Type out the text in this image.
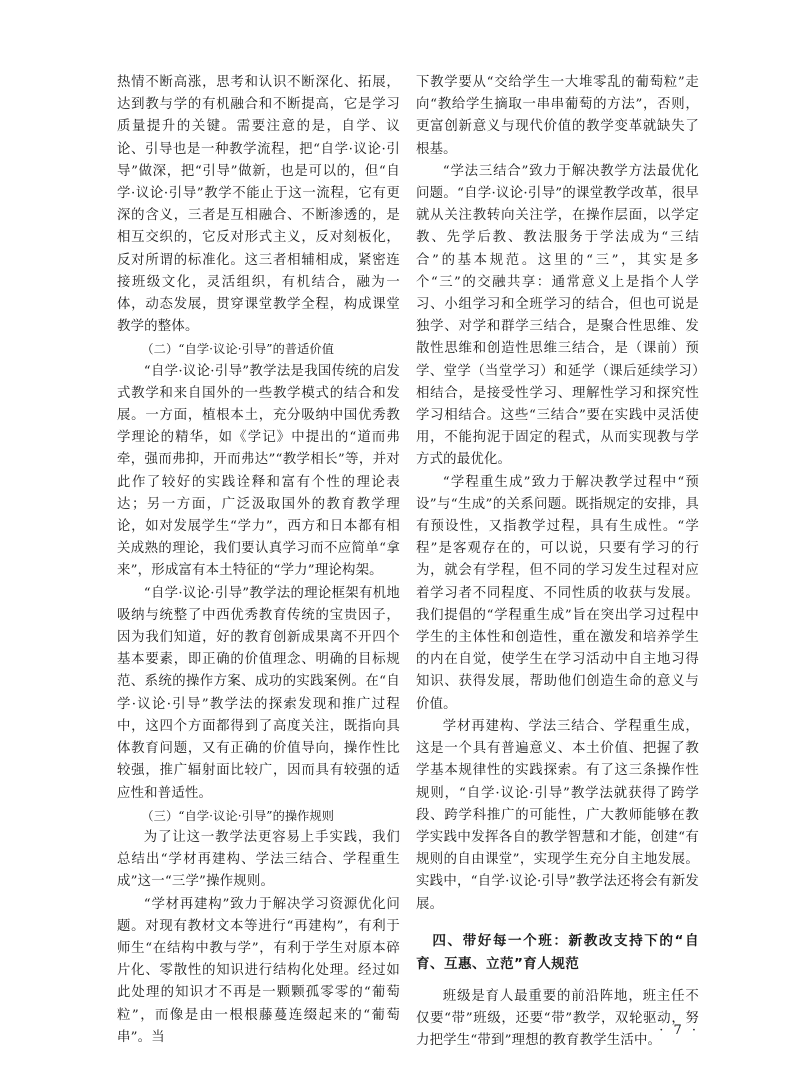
热情不断高涨，思考和认识不断深化、拓展，达到教与学的有机融合和不断提高，它是学习质量提升的关键。需要注意的是，自学、议论、引导也是一种教学流程，把“自学·议论·引导”做深，把“引导”做新，也是可以的，但“自学·议论·引导”教学不能止于这一流程，它有更深的含义，三者是互相融合、不断渗透的，是相互交织的，它反对形式主义，反对刻板化，反对所谓的标准化。这三者相辅相成，紧密连接班级文化，灵活组织，有机结合，融为一体，动态发展，贯穿课堂教学全程，构成课堂教学的整体。

（二）“自学·议论·引导”的普适价值

“自学·议论·引导”教学法是我国传统的启发式教学和来自国外的一些教学模式的结合和发展。一方面，植根本土，充分吸纳中国优秀教学理论的精华，如《学记》中提出的“道而弗牵，强而弗抑，开而弗达”“教学相长”等，并对此作了较好的实践诠释和富有个性的理论表达；另一方面，广泛汲取国外的教育教学理论，如对发展学生“学力”，西方和日本都有相关成熟的理论，我们要认真学习而不应简单“拿来”，形成富有本土特征的“学力”理论构架。

“自学·议论·引导”教学法的理论框架有机地吸纳与统整了中西优秀教育传统的宝贵因子，因为我们知道，好的教育创新成果离不开四个基本要素，即正确的价值理念、明确的目标规范、系统的操作方案、成功的实践案例。在“自学·议论·引导”教学法的探索发现和推广过程中，这四个方面都得到了高度关注，既指向具体教育问题，又有正确的价值导向，操作性比较强，推广辐射面比较广，因而具有较强的适应性和普适性。

（三）“自学·议论·引导”的操作规则

为了让这一教学法更容易上手实践，我们总结出“学材再建构、学法三结合、学程重生成”这一“三学”操作规则。

“学材再建构”致力于解决学习资源优化问题。对现有教材文本等进行“再建构”，有利于师生“在结构中教与学”，有利于学生对原本碎片化、零散性的知识进行结构化处理。经过如此处理的知识才不再是一颗颗孤零零的“葡萄粒”，而像是由一根根藤蔓连缀起来的“葡萄串”。当

下教学要从“交给学生一大堆零乱的葡萄粒”走向“教给学生摘取一串串葡萄的方法”，否则，更富创新意义与现代价值的教学变革就缺失了根基。

“学法三结合”致力于解决教学方法最优化问题。“自学·议论·引导”的课堂教学改革，很早就从关注教转向关注学，在操作层面，以学定教、先学后教、教法服务于学法成为“三结合”的基本规范。这里的“三”，其实是多个“三”的交融共享：通常意义上是指个人学习、小组学习和全班学习的结合，但也可说是独学、对学和群学三结合，是聚合性思维、发散性思维和创造性思维三结合，是（课前）预学、堂学（当堂学习）和延学（课后延续学习）相结合，是接受性学习、理解性学习和探究性学习相结合。这些“三结合”要在实践中灵活使用，不能拘泥于固定的程式，从而实现教与学方式的最优化。

“学程重生成”致力于解决教学过程中“预设”与“生成”的关系问题。既指规定的安排，具有预设性，又指教学过程，具有生成性。“学程”是客观存在的，可以说，只要有学习的行为，就会有学程，但不同的学习发生过程对应着学习者不同程度、不同性质的收获与发展。我们提倡的“学程重生成”旨在突出学习过程中学生的主体性和创造性，重在激发和培养学生的内在自觉，使学生在学习活动中自主地习得知识、获得发展，帮助他们创造生命的意义与价值。

学材再建构、学法三结合、学程重生成，这是一个具有普遍意义、本土价值、把握了教学基本规律性的实践探索。有了这三条操作性规则，“自学·议论·引导”教学法就获得了跨学段、跨学科推广的可能性，广大教师能够在教学实践中发挥各自的教学智慧和才能，创建“有规则的自由课堂”，实现学生充分自主地发展。实践中，“自学·议论·引导”教学法还将会有新发展。

四、带好每一个班：新教改支持下的“自育、互惠、立范”育人规范

班级是育人最重要的前沿阵地，班主任不仅要“带”班级，还要“带”教学，双轮驱动，努力把学生“带到”理想的教育教学生活中。

· 7 ·
